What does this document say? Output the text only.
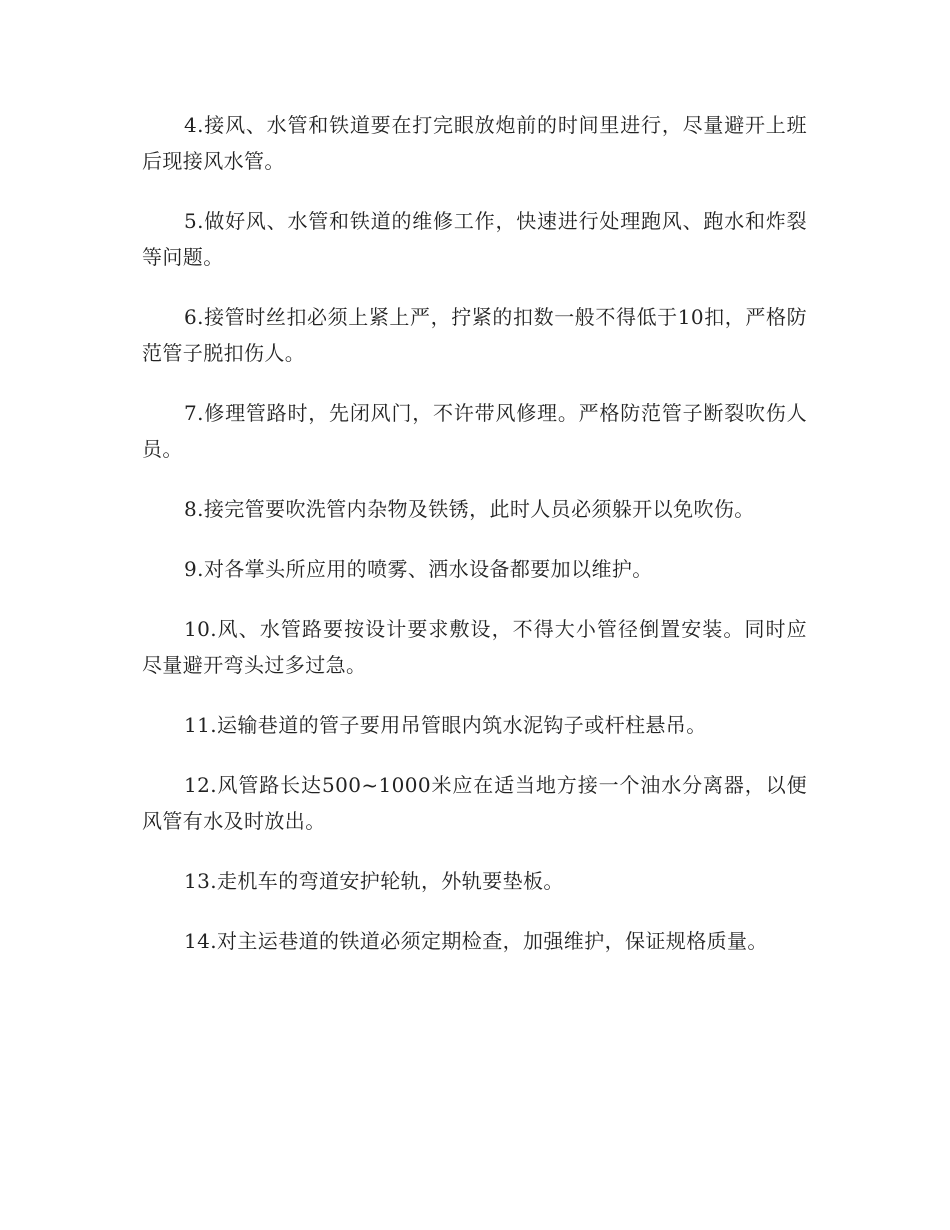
4.接风、水管和铁道要在打完眼放炮前的时间里进行，尽量避开上班后现接风水管。

5.做好风、水管和铁道的维修工作，快速进行处理跑风、跑水和炸裂等问题。

6.接管时丝扣必须上紧上严，拧紧的扣数一般不得低于10扣，严格防范管子脱扣伤人。

7.修理管路时，先闭风门，不许带风修理。严格防范管子断裂吹伤人员。

8.接完管要吹洗管内杂物及铁锈，此时人员必须躲开以免吹伤。

9.对各掌头所应用的喷雾、洒水设备都要加以维护。

10.风、水管路要按设计要求敷设，不得大小管径倒置安装。同时应尽量避开弯头过多过急。

11.运输巷道的管子要用吊管眼内筑水泥钩子或杆柱悬吊。

12.风管路长达500~1000米应在适当地方接一个油水分离器，以便风管有水及时放出。

13.走机车的弯道安护轮轨，外轨要垫板。

14.对主运巷道的铁道必须定期检查，加强维护，保证规格质量。
